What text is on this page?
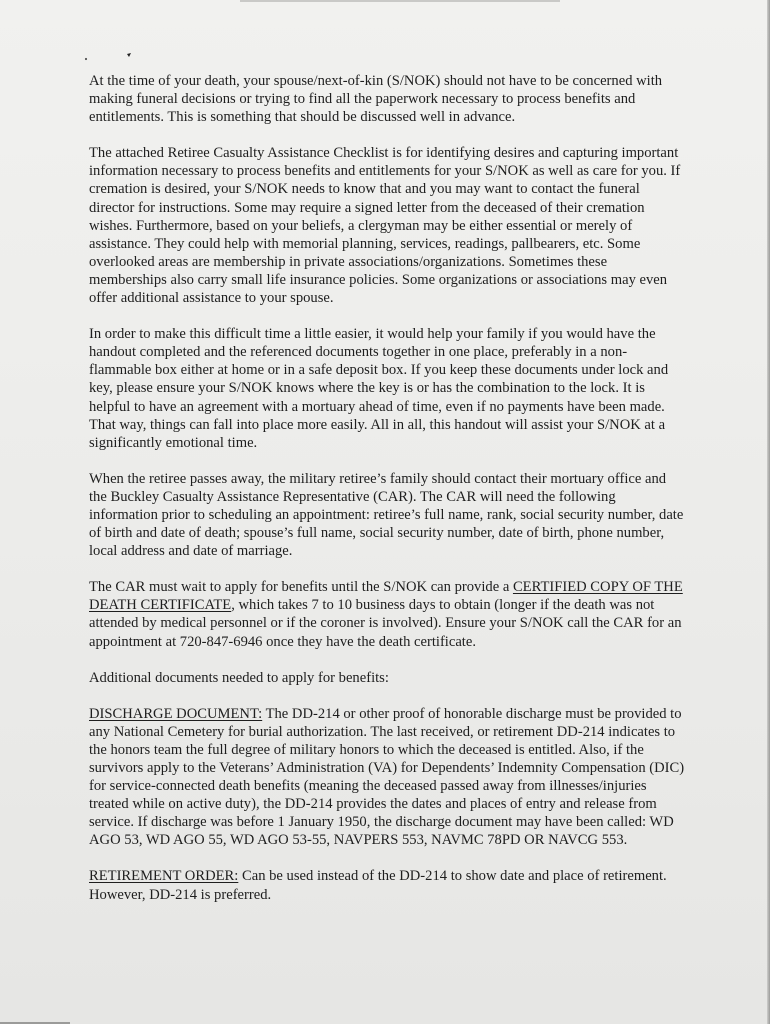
At the time of your death, your spouse/next-of-kin (S/NOK) should not have to be concerned with making funeral decisions or trying to find all the paperwork necessary to process benefits and entitlements. This is something that should be discussed well in advance.

The attached Retiree Casualty Assistance Checklist is for identifying desires and capturing important information necessary to process benefits and entitlements for your S/NOK as well as care for you. If cremation is desired, your S/NOK needs to know that and you may want to contact the funeral director for instructions. Some may require a signed letter from the deceased of their cremation wishes. Furthermore, based on your beliefs, a clergyman may be either essential or merely of assistance. They could help with memorial planning, services, readings, pallbearers, etc. Some overlooked areas are membership in private associations/organizations. Sometimes these memberships also carry small life insurance policies. Some organizations or associations may even offer additional assistance to your spouse.

In order to make this difficult time a little easier, it would help your family if you would have the handout completed and the referenced documents together in one place, preferably in a non-flammable box either at home or in a safe deposit box. If you keep these documents under lock and key, please ensure your S/NOK knows where the key is or has the combination to the lock. It is helpful to have an agreement with a mortuary ahead of time, even if no payments have been made. That way, things can fall into place more easily. All in all, this handout will assist your S/NOK at a significantly emotional time.

When the retiree passes away, the military retiree’s family should contact their mortuary office and the Buckley Casualty Assistance Representative (CAR). The CAR will need the following information prior to scheduling an appointment: retiree’s full name, rank, social security number, date of birth and date of death; spouse’s full name, social security number, date of birth, phone number, local address and date of marriage.

The CAR must wait to apply for benefits until the S/NOK can provide a CERTIFIED COPY OF THE DEATH CERTIFICATE, which takes 7 to 10 business days to obtain (longer if the death was not attended by medical personnel or if the coroner is involved). Ensure your S/NOK call the CAR for an appointment at 720-847-6946 once they have the death certificate.

Additional documents needed to apply for benefits:

DISCHARGE DOCUMENT: The DD-214 or other proof of honorable discharge must be provided to any National Cemetery for burial authorization. The last received, or retirement DD-214 indicates to the honors team the full degree of military honors to which the deceased is entitled. Also, if the survivors apply to the Veterans’ Administration (VA) for Dependents’ Indemnity Compensation (DIC) for service-connected death benefits (meaning the deceased passed away from illnesses/injuries treated while on active duty), the DD-214 provides the dates and places of entry and release from service. If discharge was before 1 January 1950, the discharge document may have been called: WD AGO 53, WD AGO 55, WD AGO 53-55, NAVPERS 553, NAVMC 78PD OR NAVCG 553.

RETIREMENT ORDER: Can be used instead of the DD-214 to show date and place of retirement. However, DD-214 is preferred.
